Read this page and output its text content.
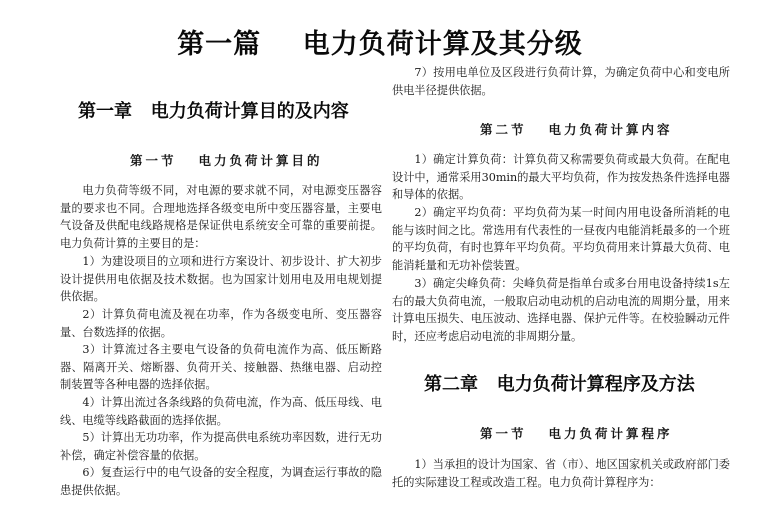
第一篇    电力负荷计算及其分级
第一章   电力负荷计算目的及内容
第一节   电力负荷计算目的
电力负荷等级不同，对电源的要求就不同，对电源变压器容量的要求也不同。合理地选择各级变电所中变压器容量，主要电气设备及供配电线路规格是保证供电系统安全可靠的重要前提。电力负荷计算的主要目的是：
1）为建设项目的立项和进行方案设计、初步设计、扩大初步设计提供用电依据及技术数据。也为国家计划用电及用电规划提供依据。
2）计算负荷电流及视在功率，作为各级变电所、变压器容量、台数选择的依据。
3）计算流过各主要电气设备的负荷电流作为高、低压断路器、隔离开关、熔断器、负荷开关、接触器、热继电器、启动控制装置等各种电器的选择依据。
4）计算出流过各条线路的负荷电流，作为高、低压母线、电线、电缆等线路截面的选择依据。
5）计算出无功功率，作为提高供电系统功率因数，进行无功补偿，确定补偿容量的依据。
6）复查运行中的电气设备的安全程度，为调查运行事故的隐患提供依据。
7）按用电单位及区段进行负荷计算，为确定负荷中心和变电所供电半径提供依据。
第二节   电力负荷计算内容
1）确定计算负荷：计算负荷又称需要负荷或最大负荷。在配电设计中，通常采用30min的最大平均负荷，作为按发热条件选择电器和导体的依据。
2）确定平均负荷：平均负荷为某一时间内用电设备所消耗的电能与该时间之比。常选用有代表性的一昼夜内电能消耗最多的一个班的平均负荷，有时也算年平均负荷。平均负荷用来计算最大负荷、电能消耗量和无功补偿装置。
3）确定尖峰负荷：尖峰负荷是指单台或多台用电设备持续1s左右的最大负荷电流，一般取启动电动机的启动电流的周期分量，用来计算电压损失、电压波动、选择电器、保护元件等。在校验瞬动元件时，还应考虑启动电流的非周期分量。
第二章   电力负荷计算程序及方法
第一节   电力负荷计算程序
1）当承担的设计为国家、省（市）、地区国家机关或政府部门委托的实际建设工程或改造工程。电力负荷计算程序为：
